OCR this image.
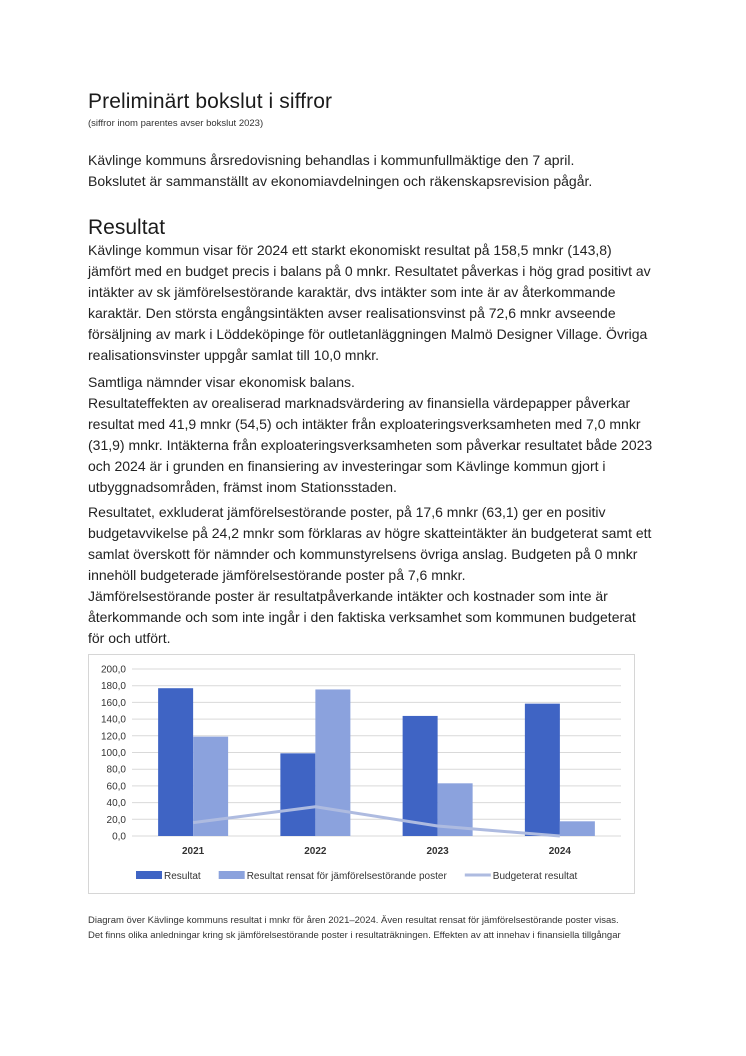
Preliminärt bokslut i siffror

(siffror inom parentes avser bokslut 2023)

Kävlinge kommuns årsredovisning behandlas i kommunfullmäktige den 7 april.
Bokslutet är sammanställt av ekonomiavdelningen och räkenskapsrevision pågår.

Resultat

Kävlinge kommun visar för 2024 ett starkt ekonomiskt resultat på 158,5 mnkr (143,8)
jämfört med en budget precis i balans på 0 mnkr. Resultatet påverkas i hög grad positivt av
intäkter av sk jämförelsestörande karaktär, dvs intäkter som inte är av återkommande
karaktär. Den största engångsintäkten avser realisationsvinst på 72,6 mnkr avseende
försäljning av mark i Löddeköpinge för outletanläggningen Malmö Designer Village. Övriga
realisationsvinster uppgår samlat till 10,0 mnkr.

Samtliga nämnder visar ekonomisk balans.
Resultateffekten av orealiserad marknadsvärdering av finansiella värdepapper påverkar
resultat med 41,9 mnkr (54,5) och intäkter från exploateringsverksamheten med 7,0 mnkr
(31,9) mnkr. Intäkterna från exploateringsverksamheten som påverkar resultatet både 2023
och 2024 är i grunden en finansiering av investeringar som Kävlinge kommun gjort i
utbyggnadsområden, främst inom Stationsstaden.

Resultatet, exkluderat jämförelsestörande poster, på 17,6 mnkr (63,1) ger en positiv
budgetavvikelse på 24,2 mnkr som förklaras av högre skatteintäkter än budgeterat samt ett
samlat överskott för nämnder och kommunstyrelsens övriga anslag. Budgeten på 0 mnkr
innehöll budgeterade jämförelsestörande poster på 7,6 mnkr.
Jämförelsestörande poster är resultatpåverkande intäkter och kostnader som inte är
återkommande och som inte ingår i den faktiska verksamhet som kommunen budgeterat
för och utfört.

0,0
20,0
40,0
60,0
80,0
100,0
120,0
140,0
160,0
180,0
200,0
2021	2022	2023	2024
Resultat	Resultat rensat för jämförelsestörande poster	Budgeterat resultat

Diagram över Kävlinge kommuns resultat i mnkr för åren 2021–2024. Även resultat rensat för jämförelsestörande poster visas.
Det finns olika anledningar kring sk jämförelsestörande poster i resultaträkningen. Effekten av att innehav i finansiella tillgångar
